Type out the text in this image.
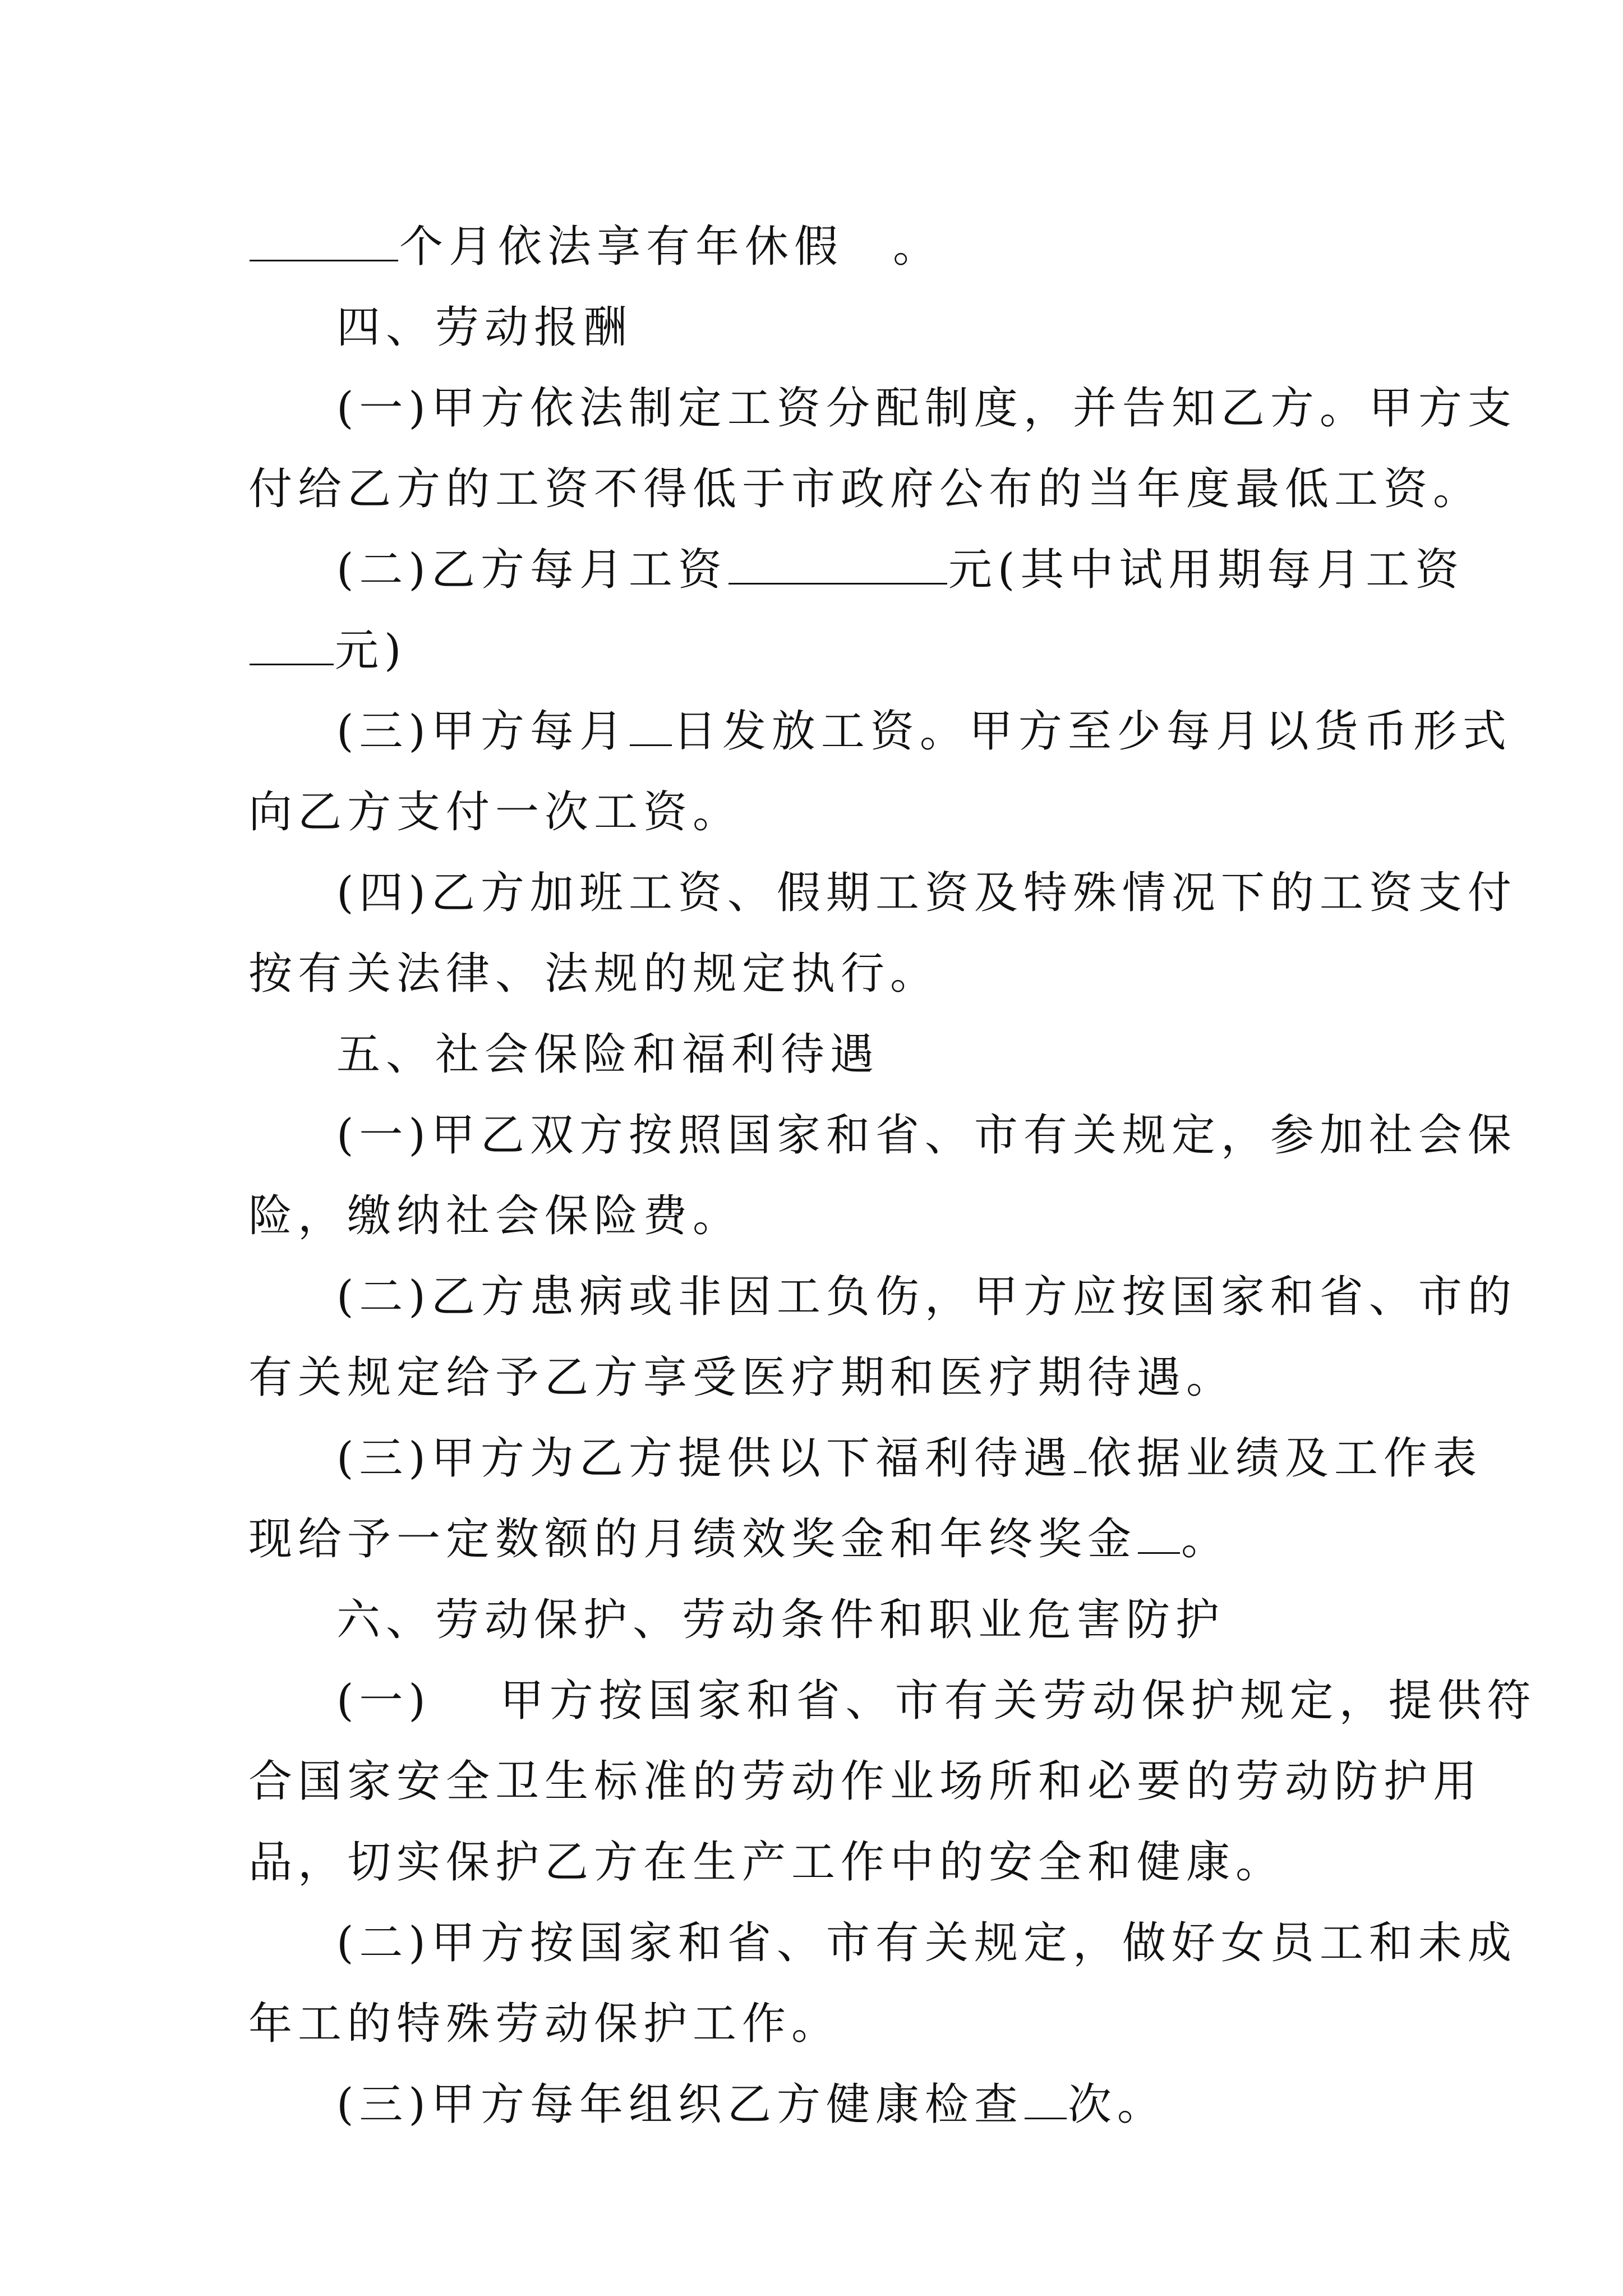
个月依法享有年休假　。
四、劳动报酬
(一)甲方依法制定工资分配制度，并告知乙方。甲方支
付给乙方的工资不得低于市政府公布的当年度最低工资。
(二)乙方每月工资	元(其中试用期每月工资
元)
(三)甲方每月 日发放工资。甲方至少每月以货币形式
向乙方支付一次工资。
(四)乙方加班工资、假期工资及特殊情况下的工资支付
按有关法律、法规的规定执行。
五、社会保险和福利待遇
(一)甲乙双方按照国家和省、市有关规定，参加社会保
险，缴纳社会保险费。
(二)乙方患病或非因工负伤，甲方应按国家和省、市的
有关规定给予乙方享受医疗期和医疗期待遇。
(三)甲方为乙方提供以下福利待遇 依据业绩及工作表
现给予一定数额的月绩效奖金和年终奖金 。
六、劳动保护、劳动条件和职业危害防护
(一)　 甲方按国家和省、市有关劳动保护规定，提供符
合国家安全卫生标准的劳动作业场所和必要的劳动防护用
品，切实保护乙方在生产工作中的安全和健康。
(二)甲方按国家和省、市有关规定，做好女员工和未成
年工的特殊劳动保护工作。
(三)甲方每年组织乙方健康检查 次。
